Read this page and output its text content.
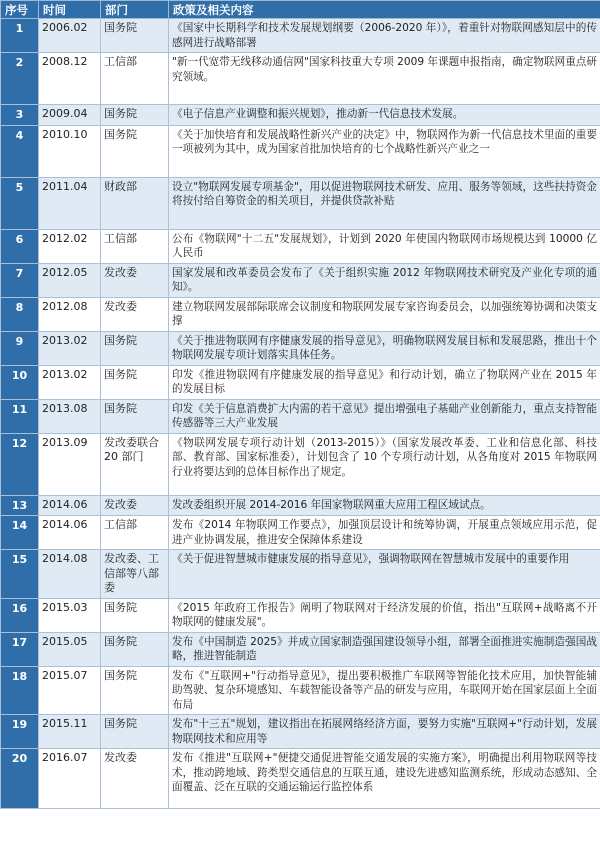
序号	时间	部门	政策及相关内容
1	2006.02	国务院	《国家中长期科学和技术发展规划纲要（2006-2020 年）》，着重针对物联网感知层中的传感网进行战略部署
2	2008.12	工信部	"新一代宽带无线移动通信网"国家科技重大专项 2009 年课题申报指南，确定物联网重点研究领域。
3	2009.04	国务院	《电子信息产业调整和振兴规划》，推动新一代信息技术发展。
4	2010.10	国务院	《关于加快培育和发展战略性新兴产业的决定》中，物联网作为新一代信息技术里面的重要一项被列为其中，成为国家首批加快培育的七个战略性新兴产业之一
5	2011.04	财政部	设立"物联网发展专项基金"，用以促进物联网技术研发、应用、服务等领域，这些扶持资金将按付给自筹资金的相关项目，并提供贷款补贴
6	2012.02	工信部	公布《物联网"十二五"发展规划》，计划到 2020 年使国内物联网市场规模达到 10000 亿人民币
7	2012.05	发改委	国家发展和改革委员会发布了《关于组织实施 2012 年物联网技术研究及产业化专项的通知》。
8	2012.08	发改委	建立物联网发展部际联席会议制度和物联网发展专家咨询委员会，以加强统筹协调和决策支撑
9	2013.02	国务院	《关于推进物联网有序健康发展的指导意见》，明确物联网发展目标和发展思路，推出十个物联网发展专项计划落实具体任务。
10	2013.02	国务院	印发《推进物联网有序健康发展的指导意见》和行动计划，确立了物联网产业在 2015 年的发展目标
11	2013.08	国务院	印发《关于信息消费扩大内需的若干意见》提出增强电子基础产业创新能力，重点支持智能传感器等三大产业发展
12	2013.09	发改委联合 20 部门	《物联网发展专项行动计划（2013-2015）》（国家发展改革委、工业和信息化部、科技部、教育部、国家标准委），计划包含了 10 个专项行动计划，从各角度对 2015 年物联网行业将要达到的总体目标作出了规定。
13	2014.06	发改委	发改委组织开展 2014-2016 年国家物联网重大应用工程区域试点。
14	2014.06	工信部	发布《2014 年物联网工作要点》，加强顶层设计和统筹协调，开展重点领域应用示范，促进产业协调发展，推进安全保障体系建设
15	2014.08	发改委、工信部等八部委	《关于促进智慧城市健康发展的指导意见》，强调物联网在智慧城市发展中的重要作用
16	2015.03	国务院	《2015 年政府工作报告》阐明了物联网对于经济发展的价值，指出"互联网+战略离不开物联网的健康发展"。
17	2015.05	国务院	发布《中国制造 2025》并成立国家制造强国建设领导小组，部署全面推进实施制造强国战略，推进智能制造
18	2015.07	国务院	发布《"互联网+"行动指导意见》，提出要积极推广车联网等智能化技术应用，加快智能辅助驾驶、复杂环境感知、车载智能设备等产品的研发与应用，车联网开始在国家层面上全面布局
19	2015.11	国务院	发布"十三五"规划，建议指出在拓展网络经济方面，要努力实施"互联网+"行动计划，发展物联网技术和应用等
20	2016.07	发改委	发布《推进"互联网+"便捷交通促进智能交通发展的实施方案》，明确提出利用物联网等技术，推动跨地域、跨类型交通信息的互联互通，建设先进感知监测系统，形成动态感知、全面覆盖、泛在互联的交通运输运行监控体系
